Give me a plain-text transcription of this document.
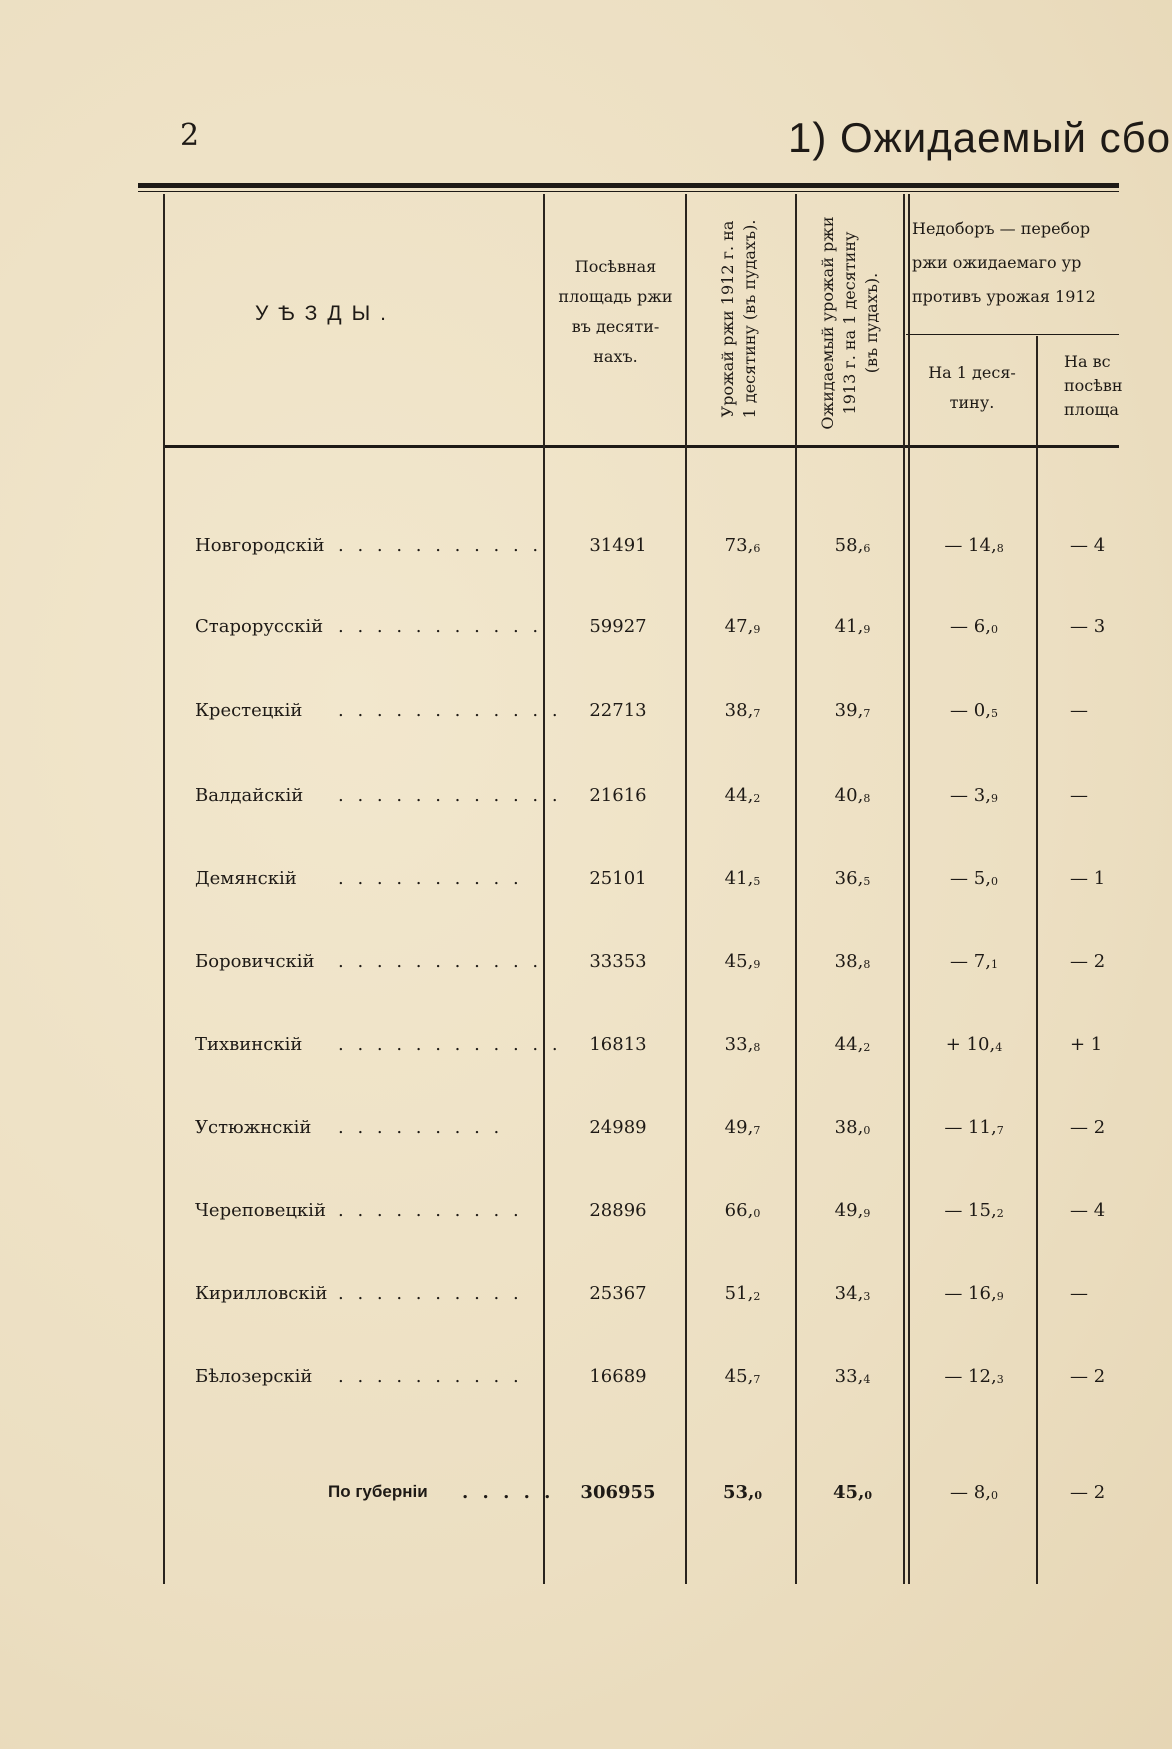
2	1) Ожидаемый сбо
УѢЗДЫ.
Посѣвная
площадь ржи
въ десяти-
нахъ.	Урожай ржи 1912 г. на 1 десятину (въ пудахъ).	Ожидаемый урожай ржи 1913 г. на 1 десятину (въ пудахъ).
Недоборъ — перебор
ржи ожидаемаго ур
противъ урожая 1912
На 1 деся-
тину.
На вс
посѣвн
площа
Новгородскій . . . . . . . . . . .	31491	$73,_6$	$58,_6$	— $14,_8$	— 4
Старорусскій . . . . . . . . . . .	59927	$47,_9$	$41,_9$	— $6,_0$	— 3
Крестецкій . . . . . . . . . . . .	22713	$38,_7$	$39,_7$	— $0,_5$	—
Валдайскій . . . . . . . . . . . .	21616	$44,_2$	$40,_8$	— $3,_9$	—
Демянскій . . . . . . . . . .	25101	$41,_5$	$36,_5$	— $5,_0$	— 1
Боровичскій . . . . . . . . . . .	33353	$45,_9$	$38,_8$	— $7,_1$	— 2
Тихвинскій . . . . . . . . . . . .	16813	$33,_8$	$44,_2$	+ $10,_4$	+ 1
Устюжнскій . . . . . . . . .	24989	$49,_7$	$38,_0$	— $11,_7$	— 2
Череповецкій . . . . . . . . . .	28896	$66,_0$	$49,_9$	— $15,_2$	— 4
Кирилловскій . . . . . . . . . .	25367	$51,_2$	$34,_3$	— $16,_9$	—
Бѣлозерскій . . . . . . . . . .	16689	$45,_7$	$33,_4$	— $12,_3$	— 2
По губерніи . . . . .	306955	$53,_0$	$45,_0$	— $8,_0$	— 2
